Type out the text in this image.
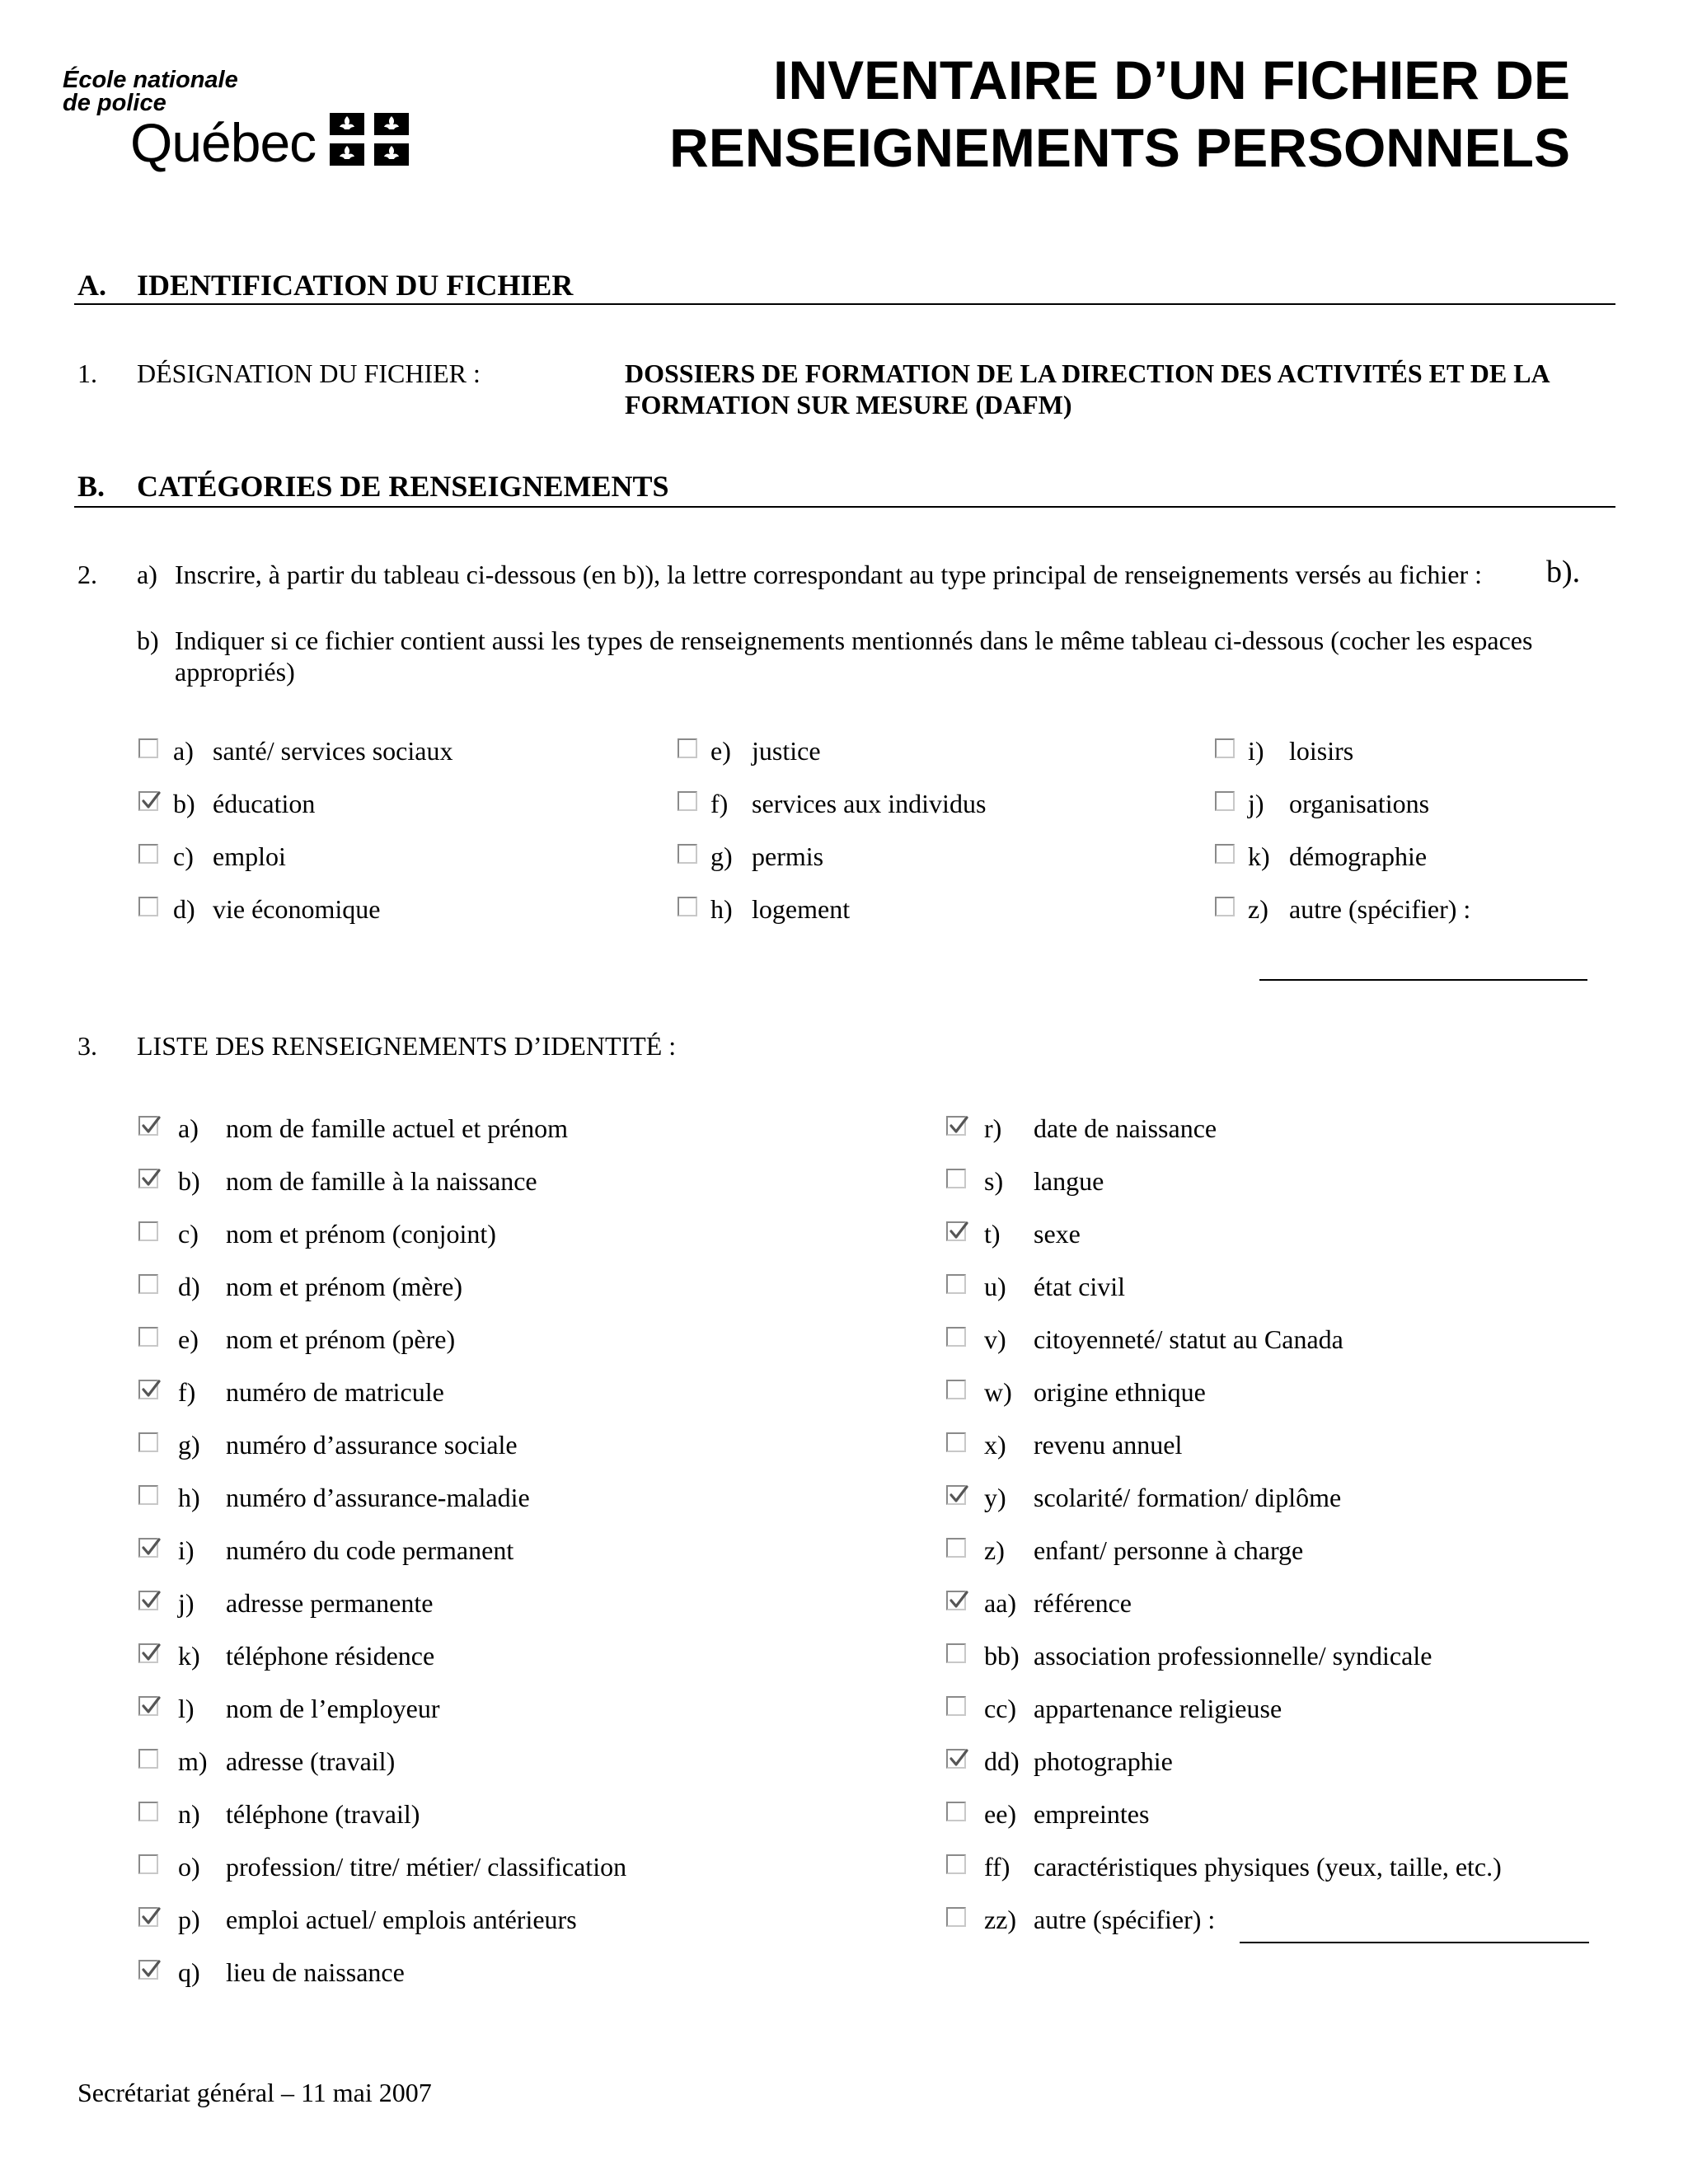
École nationale
de police
Québec
INVENTAIRE D’UN FICHIER DE
RENSEIGNEMENTS PERSONNELS
A. IDENTIFICATION DU FICHIER
1. DÉSIGNATION DU FICHIER :	DOSSIERS DE FORMATION DE LA DIRECTION DES ACTIVITÉS ET DE LA
FORMATION SUR MESURE (DAFM)
B. CATÉGORIES DE RENSEIGNEMENTS
2. a) Inscrire, à partir du tableau ci-dessous (en b)), la lettre correspondant au type principal de renseignements versés au fichier : b).
b) Indiquer si ce fichier contient aussi les types de renseignements mentionnés dans le même tableau ci-dessous (cocher les espaces
appropriés)
a) santé/ services sociaux
b) éducation
c) emploi
d) vie économique
e) justice
f) services aux individus
g) permis
h) logement
i) loisirs
j) organisations
k) démographie
z) autre (spécifier) :
3. LISTE DES RENSEIGNEMENTS D’IDENTITÉ :
a) nom de famille actuel et prénom
b) nom de famille à la naissance
c) nom et prénom (conjoint)
d) nom et prénom (mère)
e) nom et prénom (père)
f) numéro de matricule
g) numéro d’assurance sociale
h) numéro d’assurance-maladie
i) numéro du code permanent
j) adresse permanente
k) téléphone résidence
l) nom de l’employeur
m) adresse (travail)
n) téléphone (travail)
o) profession/ titre/ métier/ classification
p) emploi actuel/ emplois antérieurs
q) lieu de naissance
r) date de naissance
s) langue
t) sexe
u) état civil
v) citoyenneté/ statut au Canada
w) origine ethnique
x) revenu annuel
y) scolarité/ formation/ diplôme
z) enfant/ personne à charge
aa) référence
bb) association professionnelle/ syndicale
cc) appartenance religieuse
dd) photographie
ee) empreintes
ff) caractéristiques physiques (yeux, taille, etc.)
zz) autre (spécifier) :
Secrétariat général – 11 mai 2007
